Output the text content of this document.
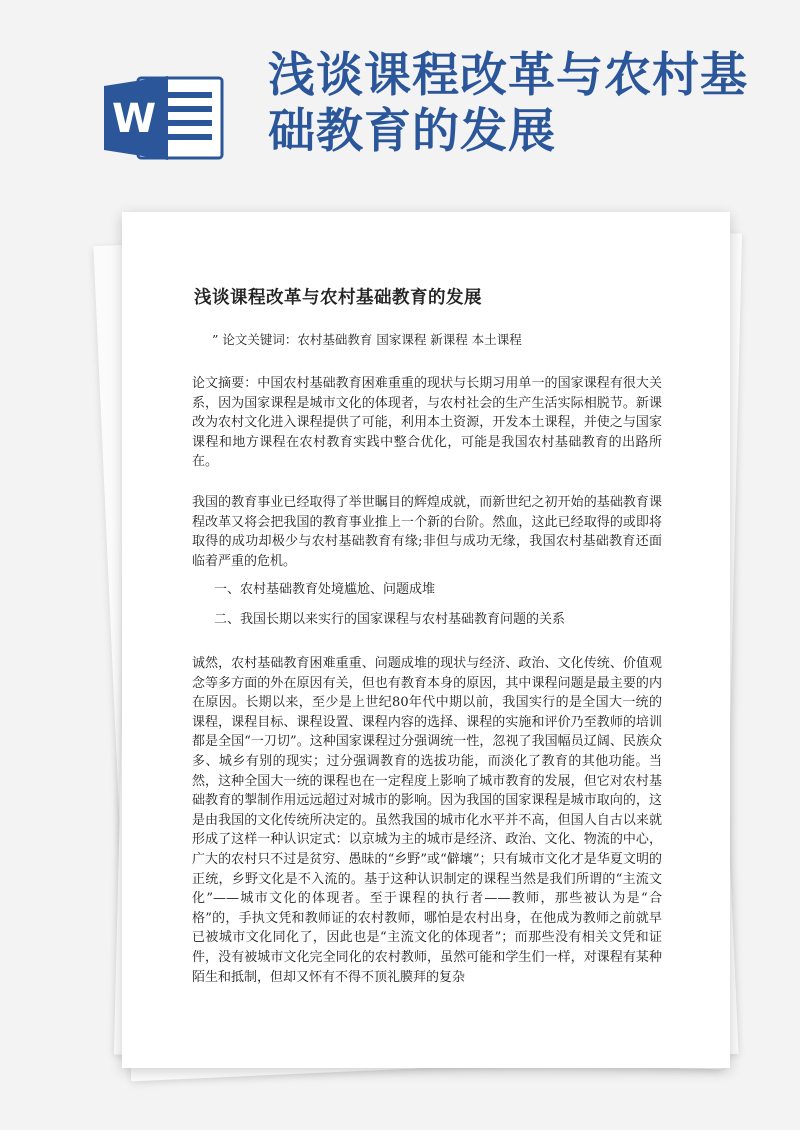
W
浅谈课程改革与农村基础教育的发展
浅谈课程改革与农村基础教育的发展
” 论文关键词：农村基础教育 国家课程 新课程 本土课程

论文摘要：中国农村基础教育困难重重的现状与长期习用单一的国家课程有很大关系，因为国家课程是城市文化的体现者，与农村社会的生产生活实际相脱节。新课改为农村文化进入课程提供了可能，利用本土资源，开发本土课程，并使之与国家课程和地方课程在农村教育实践中整合优化，可能是我国农村基础教育的出路所在。

我国的教育事业已经取得了举世瞩目的辉煌成就，而新世纪之初开始的基础教育课程改革又将会把我国的教育事业推上一个新的台阶。然血，这此已经取得的或即将取得的成功却极少与农村基础教育有缘;非但与成功无缘，我国农村基础教育还面临着严重的危机。

一、农村基础教育处境尴尬、问题成堆
二、我国长期以来实行的国家课程与农村基础教育问题的关系

诚然，农村基础教育困难重重、问题成堆的现状与经济、政治、文化传统、价值观念等多方面的外在原因有关，但也有教育本身的原因，其中课程问题是最主要的内在原因。长期以来，至少是上世纪80年代中期以前，我国实行的是全国大一统的课程，课程目标、课程设置、课程内容的选择、课程的实施和评价乃至教师的培训都是全国“一刀切”。这种国家课程过分强调统一性，忽视了我国幅员辽阔、民族众多、城乡有别的现实；过分强调教育的选拔功能，而淡化了教育的其他功能。当然，这种全国大一统的课程也在一定程度上影响了城市教育的发展，但它对农村基础教育的掣制作用远远超过对城市的影响。因为我国的国家课程是城市取向的，这是由我国的文化传统所决定的。虽然我国的城市化水平并不高，但国人自古以来就形成了这样一种认识定式：以京城为主的城市是经济、政治、文化、物流的中心，广大的农村只不过是贫穷、愚昧的“乡野”或“僻壤”；只有城市文化才是华夏文明的正统，乡野文化是不入流的。基于这种认识制定的课程当然是我们所谓的“主流文化”——城市文化的体现者。至于课程的执行者——教师，那些被认为是“合格”的，手执文凭和教师证的农村教师，哪怕是农村出身，在他成为教师之前就早已被城市文化同化了，因此也是“主流文化的体现者”；而那些没有相关文凭和证件，没有被城市文化完全同化的农村教师，虽然可能和学生们一样，对课程有某种陌生和抵制，但却又怀有不得不顶礼膜拜的复杂
